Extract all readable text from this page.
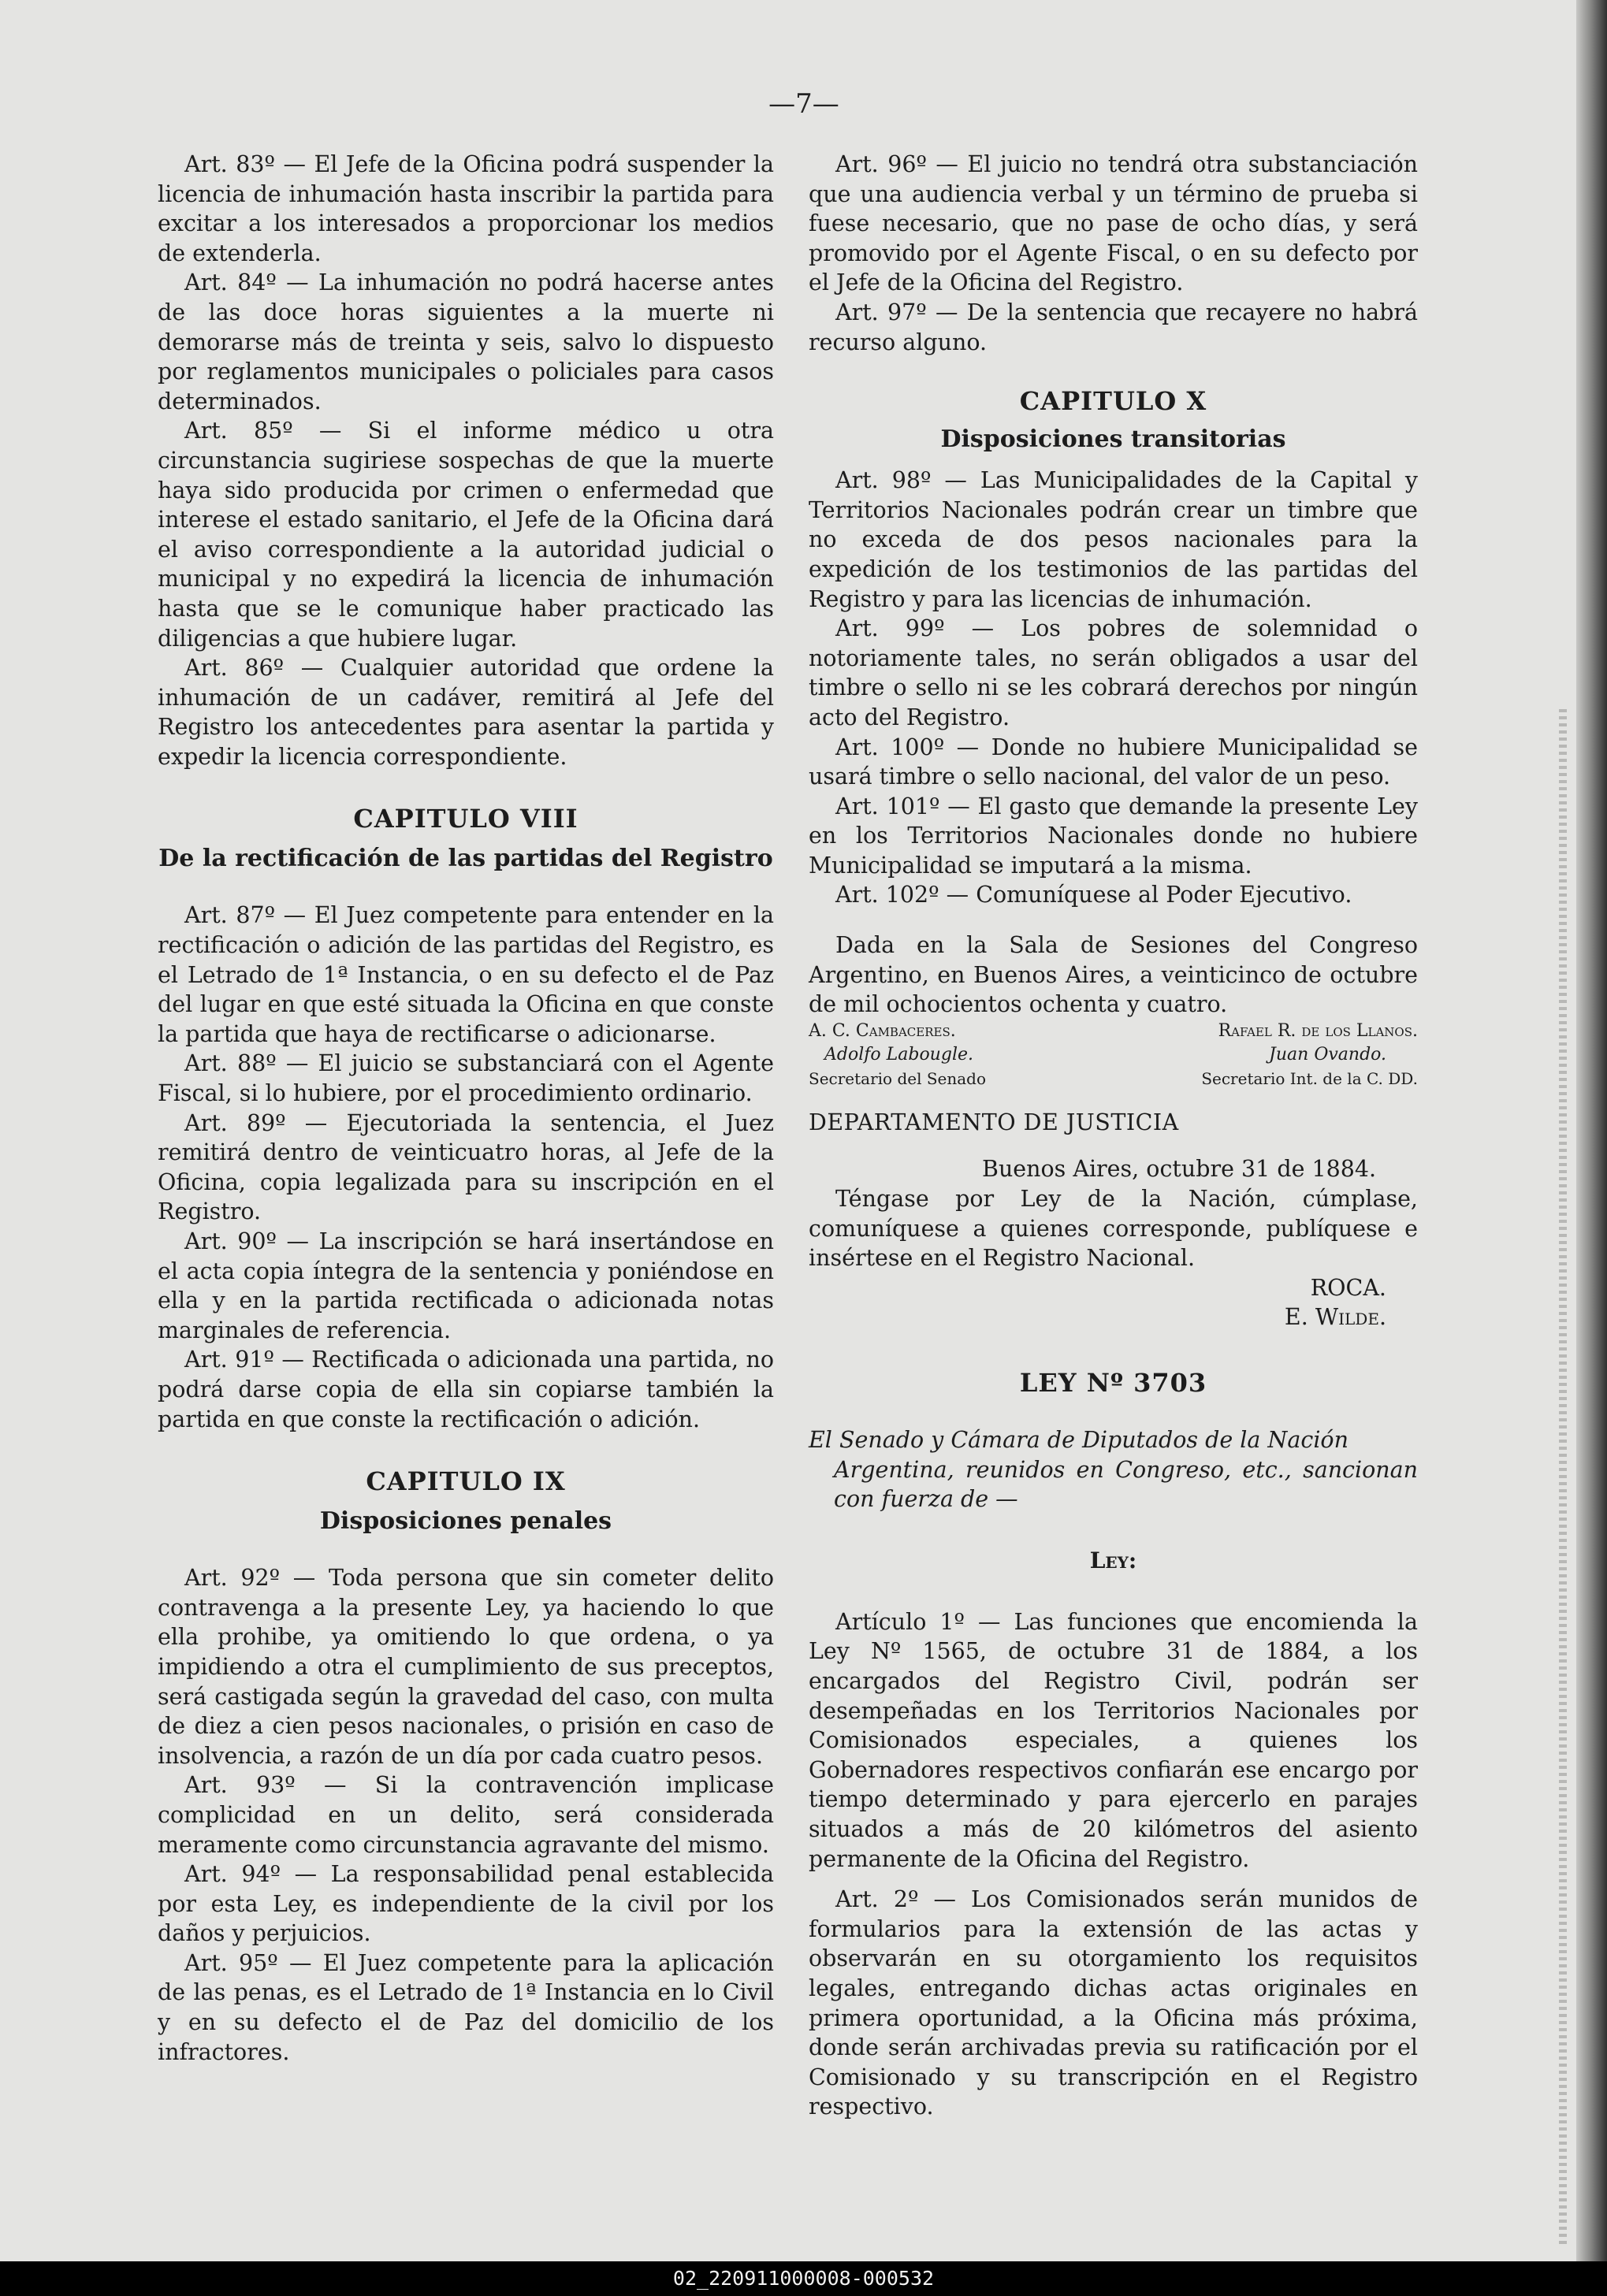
—7—

Art. 83º — El Jefe de la Oficina podrá suspender la licencia de inhumación hasta inscribir la partida para excitar a los interesados a proporcionar los medios de extenderla.

Art. 84º — La inhumación no podrá hacerse antes de las doce horas siguientes a la muerte ni demorarse más de treinta y seis, salvo lo dispuesto por reglamentos municipales o policiales para casos determinados.

Art. 85º — Si el informe médico u otra circunstancia sugiriese sospechas de que la muerte haya sido producida por crimen o enfermedad que interese el estado sanitario, el Jefe de la Oficina dará el aviso correspondiente a la autoridad judicial o municipal y no expedirá la licencia de inhumación hasta que se le comunique haber practicado las diligencias a que hubiere lugar.

Art. 86º — Cualquier autoridad que ordene la inhumación de un cadáver, remitirá al Jefe del Registro los antecedentes para asentar la partida y expedir la licencia correspondiente.

CAPITULO VIII
De la rectificación de las partidas del Registro

Art. 87º — El Juez competente para entender en la rectificación o adición de las partidas del Registro, es el Letrado de 1ª Instancia, o en su defecto el de Paz del lugar en que esté situada la Oficina en que conste la partida que haya de rectificarse o adicionarse.

Art. 88º — El juicio se substanciará con el Agente Fiscal, si lo hubiere, por el procedimiento ordinario.

Art. 89º — Ejecutoriada la sentencia, el Juez remitirá dentro de veinticuatro horas, al Jefe de la Oficina, copia legalizada para su inscripción en el Registro.

Art. 90º — La inscripción se hará insertándose en el acta copia íntegra de la sentencia y poniéndose en ella y en la partida rectificada o adicionada notas marginales de referencia.

Art. 91º — Rectificada o adicionada una partida, no podrá darse copia de ella sin copiarse también la partida en que conste la rectificación o adición.

CAPITULO IX
Disposiciones penales

Art. 92º — Toda persona que sin cometer delito contravenga a la presente Ley, ya haciendo lo que ella prohibe, ya omitiendo lo que ordena, o ya impidiendo a otra el cumplimiento de sus preceptos, será castigada según la gravedad del caso, con multa de diez a cien pesos nacionales, o prisión en caso de insolvencia, a razón de un día por cada cuatro pesos.

Art. 93º — Si la contravención implicase complicidad en un delito, será considerada meramente como circunstancia agravante del mismo.

Art. 94º — La responsabilidad penal establecida por esta Ley, es independiente de la civil por los daños y perjuicios.

Art. 95º — El Juez competente para la aplicación de las penas, es el Letrado de 1ª Instancia en lo Civil y en su defecto el de Paz del domicilio de los infractores.

Art. 96º — El juicio no tendrá otra substanciación que una audiencia verbal y un término de prueba si fuese necesario, que no pase de ocho días, y será promovido por el Agente Fiscal, o en su defecto por el Jefe de la Oficina del Registro.

Art. 97º — De la sentencia que recayere no habrá recurso alguno.

CAPITULO X
Disposiciones transitorias

Art. 98º — Las Municipalidades de la Capital y Territorios Nacionales podrán crear un timbre que no exceda de dos pesos nacionales para la expedición de los testimonios de las partidas del Registro y para las licencias de inhumación.

Art. 99º — Los pobres de solemnidad o notoriamente tales, no serán obligados a usar del timbre o sello ni se les cobrará derechos por ningún acto del Registro.

Art. 100º — Donde no hubiere Municipalidad se usará timbre o sello nacional, del valor de un peso.

Art. 101º — El gasto que demande la presente Ley en los Territorios Nacionales donde no hubiere Municipalidad se imputará a la misma.

Art. 102º — Comuníquese al Poder Ejecutivo.

Dada en la Sala de Sesiones del Congreso Argentino, en Buenos Aires, a veinticinco de octubre de mil ochocientos ochenta y cuatro.

A. C. Cambaceres.	Rafael R. de los Llanos.
Adolfo Labougle.	Juan Ovando.
Secretario del Senado	Secretario Int. de la C. DD.

DEPARTAMENTO DE JUSTICIA

Buenos Aires, octubre 31 de 1884.

Téngase por Ley de la Nación, cúmplase, comuníquese a quienes corresponde, publíquese e insértese en el Registro Nacional.

ROCA.

E. Wilde.

LEY Nº 3703

El Senado y Cámara de Diputados de la Nación
Argentina, reunidos en Congreso, etc., sancionan con fuerza de —

Ley:

Artículo 1º — Las funciones que encomienda la Ley Nº 1565, de octubre 31 de 1884, a los encargados del Registro Civil, podrán ser desempeñadas en los Territorios Nacionales por Comisionados especiales, a quienes los Gobernadores respectivos confiarán ese encargo por tiempo determinado y para ejercerlo en parajes situados a más de 20 kilómetros del asiento permanente de la Oficina del Registro.

Art. 2º — Los Comisionados serán munidos de formularios para la extensión de las actas y observarán en su otorgamiento los requisitos legales, entregando dichas actas originales en primera oportunidad, a la Oficina más próxima, donde serán archivadas previa su ratificación por el Comisionado y su transcripción en el Registro respectivo.

02_220911000008-000532
